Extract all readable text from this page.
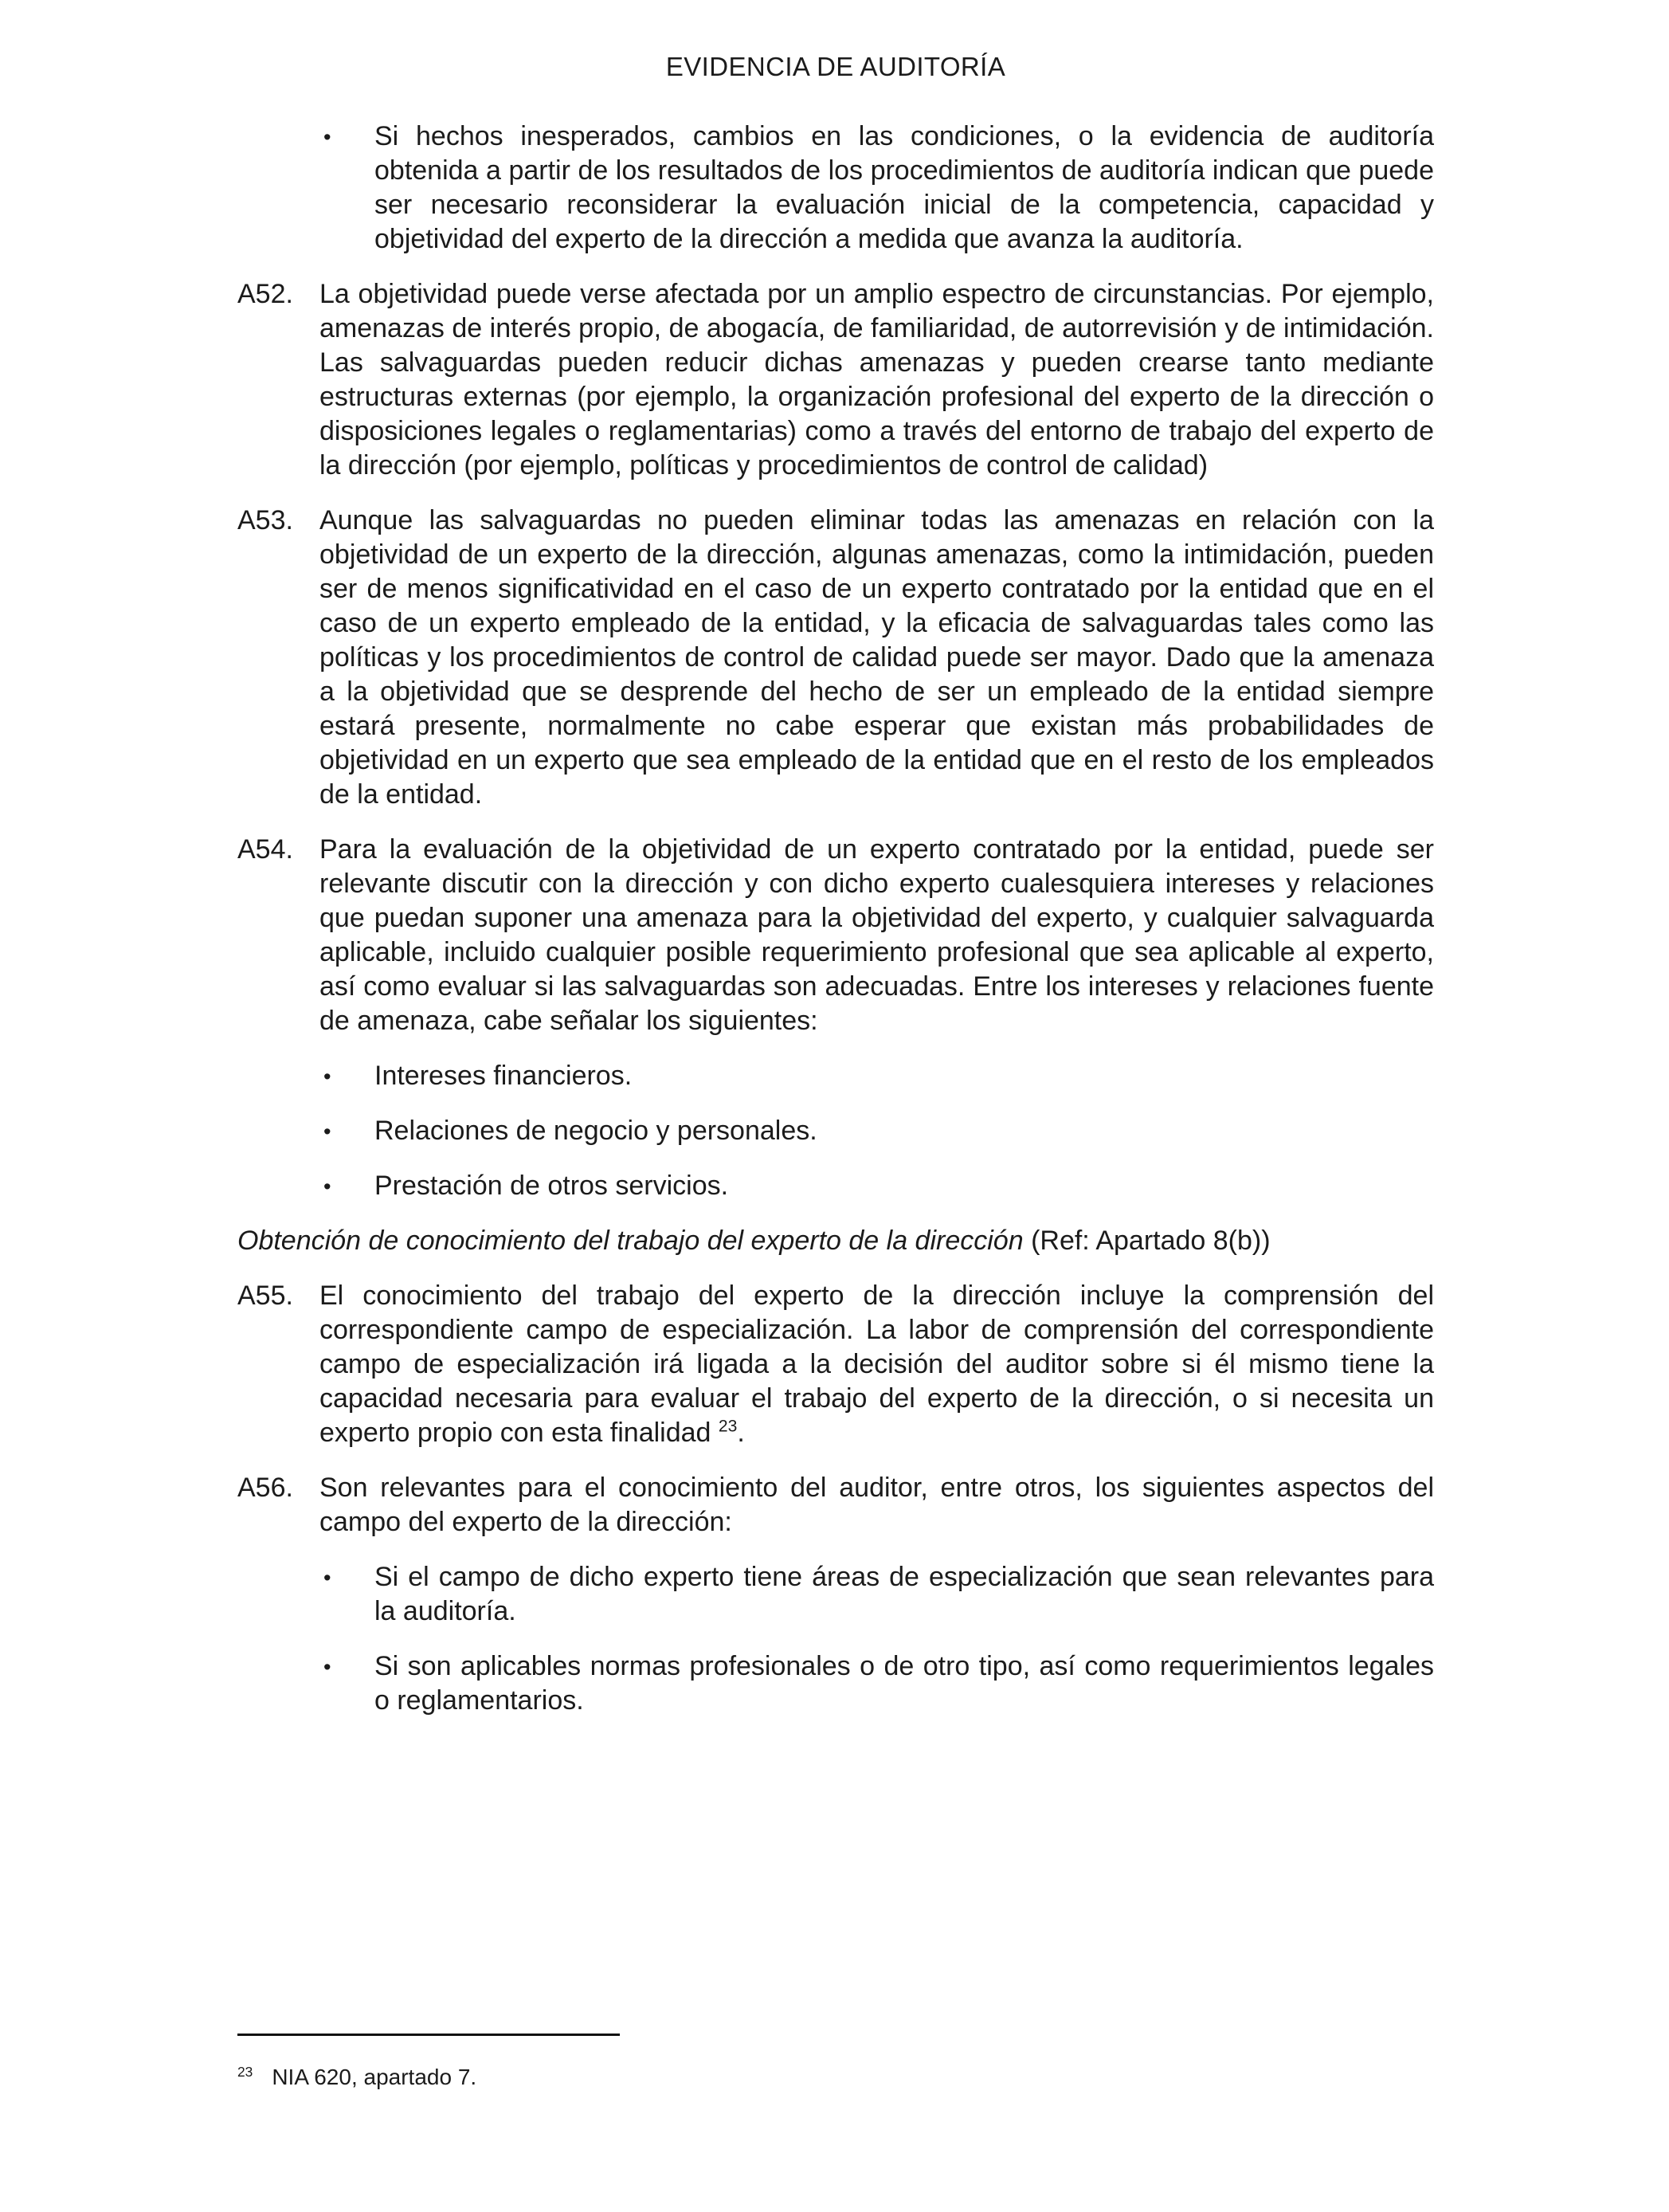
EVIDENCIA DE AUDITORÍA
•	Si hechos inesperados, cambios en las condiciones, o la evidencia de auditoría obtenida a partir de los resultados de los procedimientos de auditoría indican que puede ser necesario reconsiderar la evaluación inicial de la competencia, capacidad y objetividad del experto de la dirección a medida que avanza la auditoría.

A52. La objetividad puede verse afectada por un amplio espectro de circunstancias. Por ejemplo, amenazas de interés propio, de abogacía, de familiaridad, de autorrevisión y de intimidación. Las salvaguardas pueden reducir dichas amenazas y pueden crearse tanto mediante estructuras externas (por ejemplo, la organización profesional del experto de la dirección o disposiciones legales o reglamentarias) como a través del entorno de trabajo del experto de la dirección (por ejemplo, políticas y procedimientos de control de calidad)

A53. Aunque las salvaguardas no pueden eliminar todas las amenazas en relación con la objetividad de un experto de la dirección, algunas amenazas, como la intimidación, pueden ser de menos significatividad en el caso de un experto contratado por la entidad que en el caso de un experto empleado de la entidad, y la eficacia de salvaguardas tales como las políticas y los procedimientos de control de calidad puede ser mayor. Dado que la amenaza a la objetividad que se desprende del hecho de ser un empleado de la entidad siempre estará presente, normalmente no cabe esperar que existan más probabilidades de objetividad en un experto que sea empleado de la entidad que en el resto de los empleados de la entidad.

A54. Para la evaluación de la objetividad de un experto contratado por la entidad, puede ser relevante discutir con la dirección y con dicho experto cualesquiera intereses y relaciones que puedan suponer una amenaza para la objetividad del experto, y cualquier salvaguarda aplicable, incluido cualquier posible requerimiento profesional que sea aplicable al experto, así como evaluar si las salvaguardas son adecuadas. Entre los intereses y relaciones fuente de amenaza, cabe señalar los siguientes:

•	Intereses financieros.

•	Relaciones de negocio y personales.

•	Prestación de otros servicios.

Obtención de conocimiento del trabajo del experto de la dirección (Ref: Apartado 8(b))

A55. El conocimiento del trabajo del experto de la dirección incluye la comprensión del correspondiente campo de especialización. La labor de comprensión del correspondiente campo de especialización irá ligada a la decisión del auditor sobre si él mismo tiene la capacidad necesaria para evaluar el trabajo del experto de la dirección, o si necesita un experto propio con esta finalidad $^{23}$.

A56. Son relevantes para el conocimiento del auditor, entre otros, los siguientes aspectos del campo del experto de la dirección:

•	Si el campo de dicho experto tiene áreas de especialización que sean relevantes para la auditoría.

•	Si son aplicables normas profesionales o de otro tipo, así como requerimientos legales o reglamentarios.

$^{23}$ NIA 620, apartado 7.
